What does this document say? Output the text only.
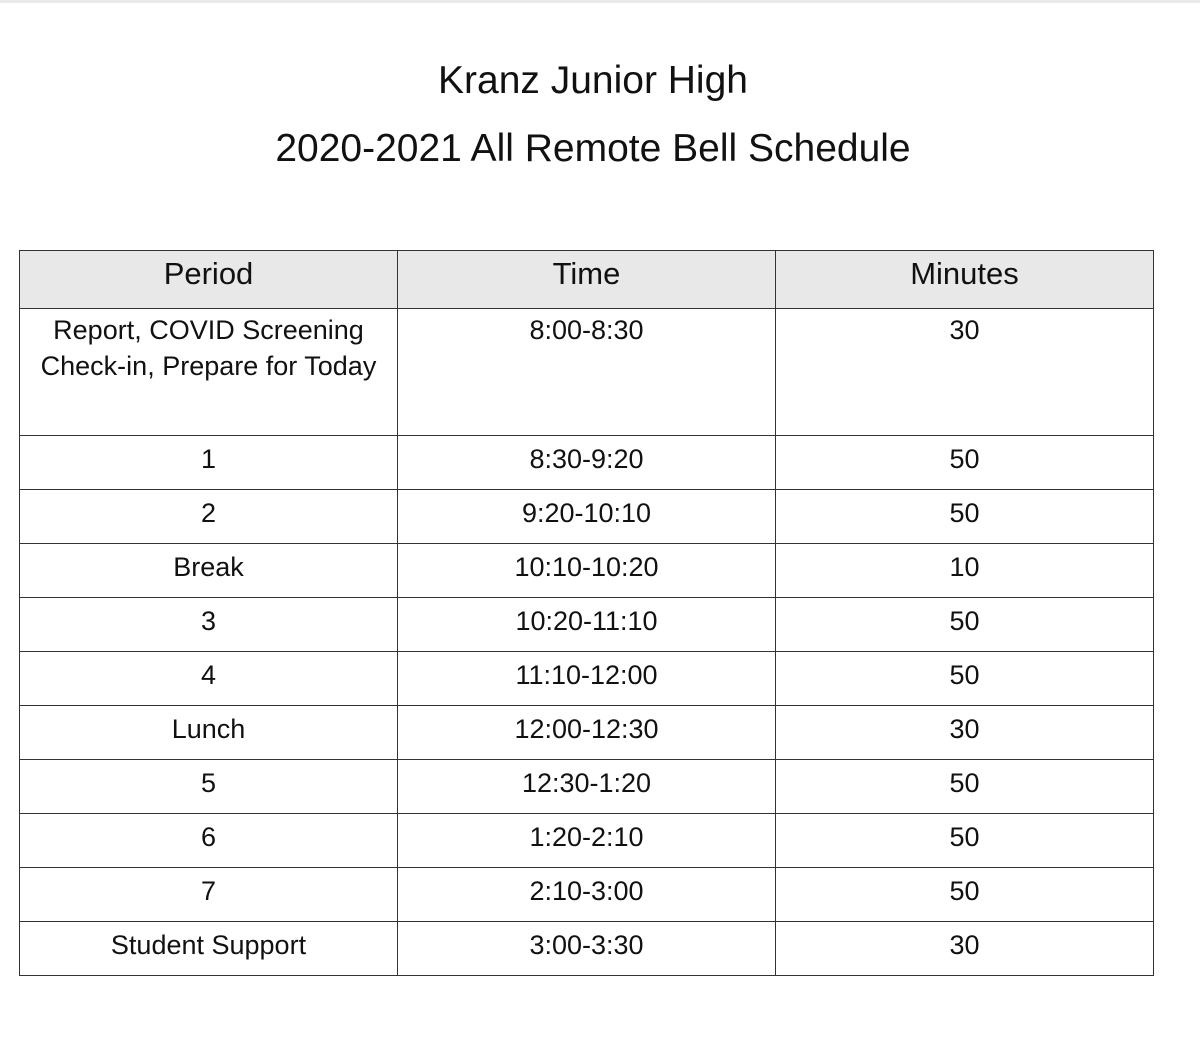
Kranz Junior High
2020-2021 All Remote Bell Schedule
Period	Time	Minutes
Report, COVID Screening Check-in, Prepare for Today	8:00-8:30	30
1	8:30-9:20	50
2	9:20-10:10	50
Break	10:10-10:20	10
3	10:20-11:10	50
4	11:10-12:00	50
Lunch	12:00-12:30	30
5	12:30-1:20	50
6	1:20-2:10	50
7	2:10-3:00	50
Student Support	3:00-3:30	30
